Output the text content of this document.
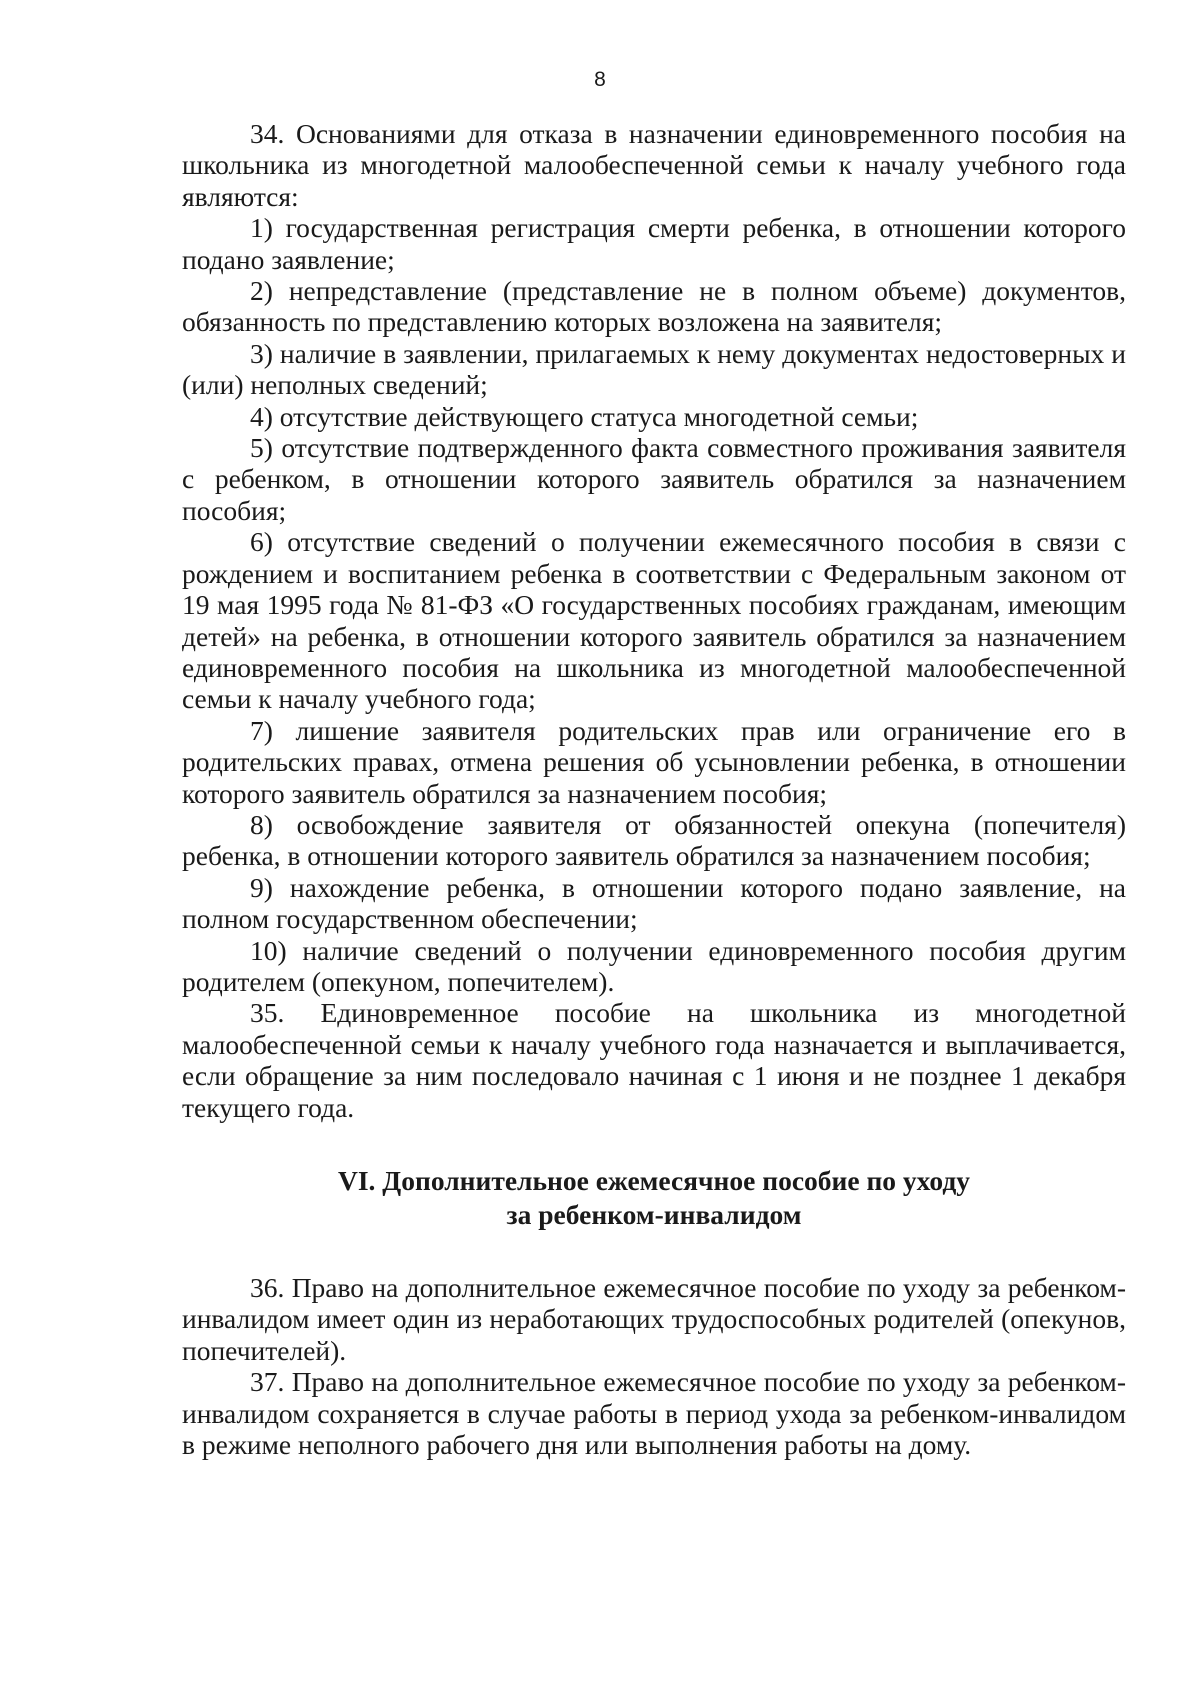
8

34. Основаниями для отказа в назначении единовременного пособия на школьника из многодетной малообеспеченной семьи к началу учебного года являются:

1) государственная регистрация смерти ребенка, в отношении которого подано заявление;

2) непредставление (представление не в полном объеме) документов, обязанность по представлению которых возложена на заявителя;

3) наличие в заявлении, прилагаемых к нему документах недостоверных и (или) неполных сведений;

4) отсутствие действующего статуса многодетной семьи;

5) отсутствие подтвержденного факта совместного проживания заявителя с ребенком, в отношении которого заявитель обратился за назначением пособия;

6) отсутствие сведений о получении ежемесячного пособия в связи с рождением и воспитанием ребенка в соответствии с Федеральным законом от 19 мая 1995 года № 81-ФЗ «О государственных пособиях гражданам, имеющим детей» на ребенка, в отношении которого заявитель обратился за назначением единовременного пособия на школьника из многодетной малообеспеченной семьи к началу учебного года;

7) лишение заявителя родительских прав или ограничение его в родительских правах, отмена решения об усыновлении ребенка, в отношении которого заявитель обратился за назначением пособия;

8) освобождение заявителя от обязанностей опекуна (попечителя) ребенка, в отношении которого заявитель обратился за назначением пособия;

9) нахождение ребенка, в отношении которого подано заявление, на полном государственном обеспечении;

10) наличие сведений о получении единовременного пособия другим родителем (опекуном, попечителем).

35. Единовременное пособие на школьника из многодетной малообеспеченной семьи к началу учебного года назначается и выплачивается, если обращение за ним последовало начиная с 1 июня и не позднее 1 декабря текущего года.

VI. Дополнительное ежемесячное пособие по уходу
за ребенком-инвалидом

36. Право на дополнительное ежемесячное пособие по уходу за ребенком-инвалидом имеет один из неработающих трудоспособных родителей (опекунов, попечителей).

37. Право на дополнительное ежемесячное пособие по уходу за ребенком-инвалидом сохраняется в случае работы в период ухода за ребенком-инвалидом в режиме неполного рабочего дня или выполнения работы на дому.
